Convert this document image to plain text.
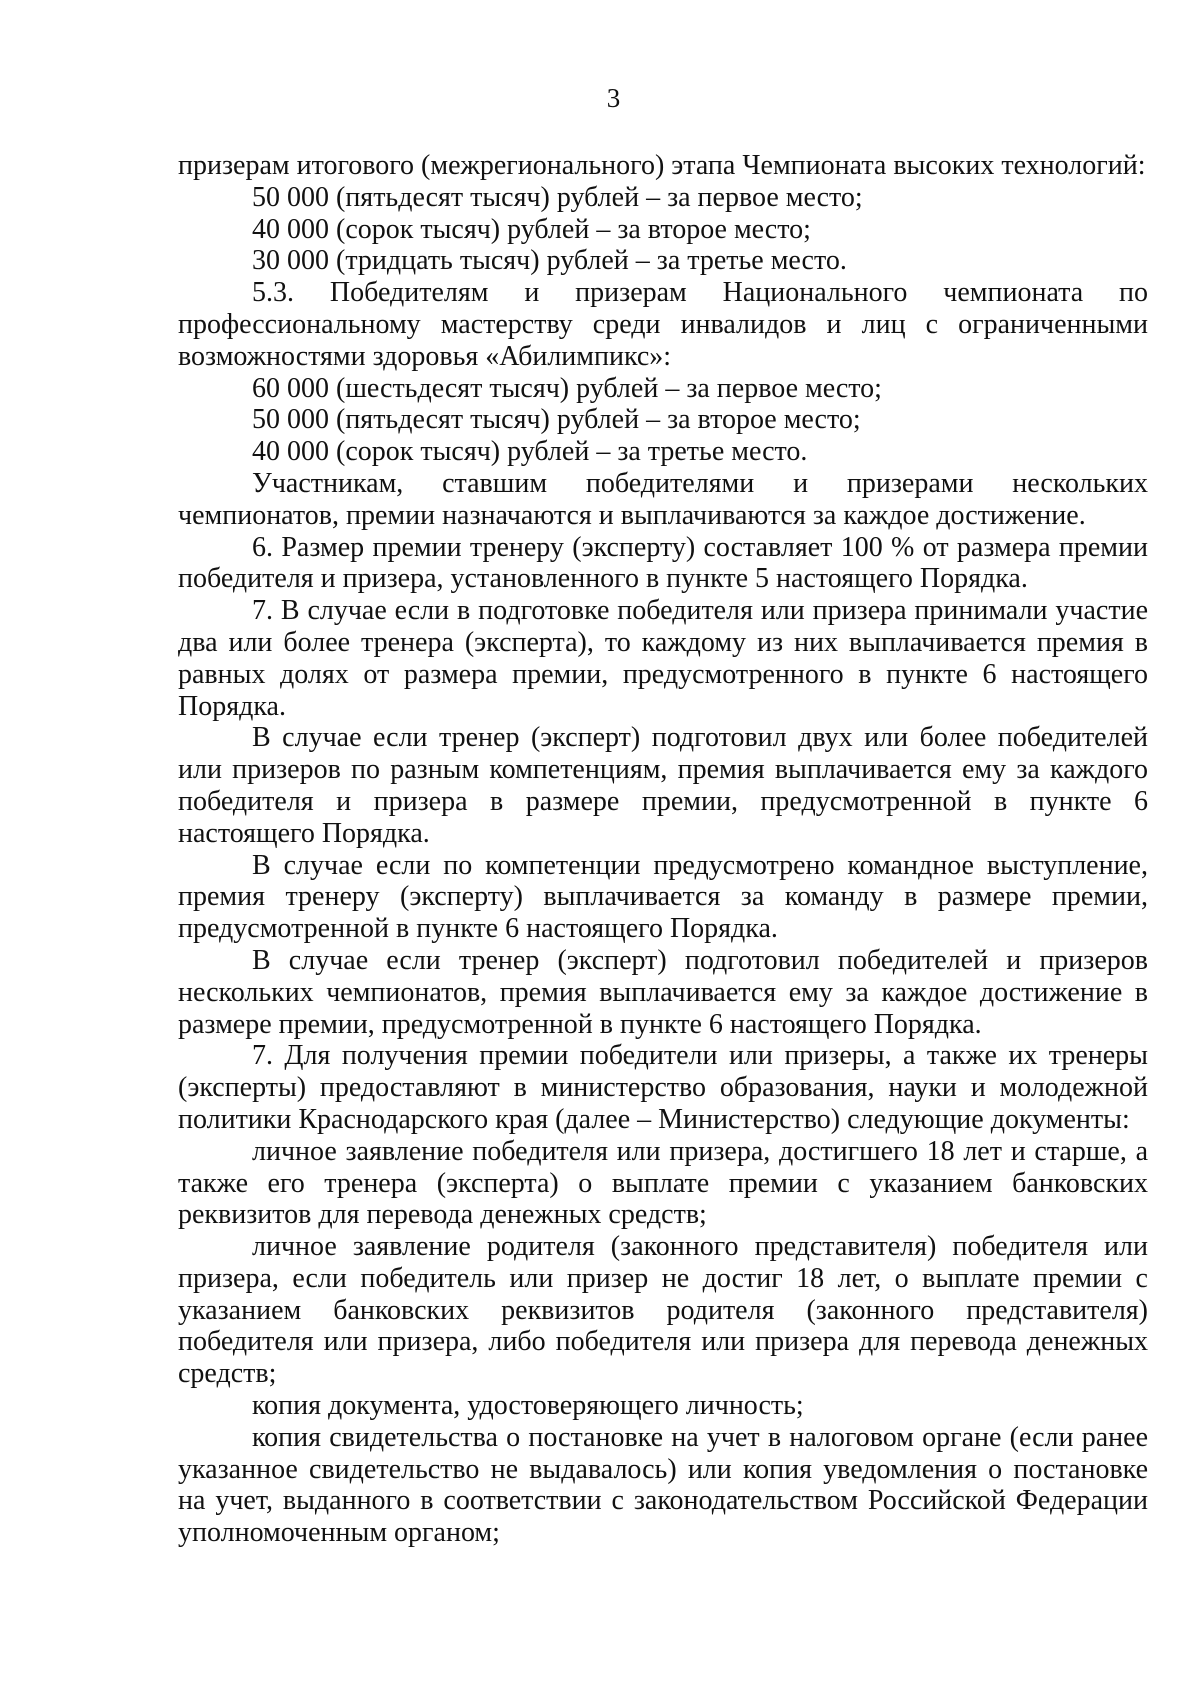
3

призерам итогового (межрегионального) этапа Чемпионата высоких технологий:

50 000 (пятьдесят тысяч) рублей – за первое место;

40 000 (сорок тысяч) рублей – за второе место;

30 000 (тридцать тысяч) рублей – за третье место.

5.3. Победителям и призерам Национального чемпионата по профессиональному мастерству среди инвалидов и лиц с ограниченными возможностями здоровья «Абилимпикс»:

60 000 (шестьдесят тысяч) рублей – за первое место;

50 000 (пятьдесят тысяч) рублей – за второе место;

40 000 (сорок тысяч) рублей – за третье место.

Участникам, ставшим победителями и призерами нескольких чемпионатов, премии назначаются и выплачиваются за каждое достижение.

6. Размер премии тренеру (эксперту) составляет 100 % от размера премии победителя и призера, установленного в пункте 5 настоящего Порядка.

7. В случае если в подготовке победителя или призера принимали участие два или более тренера (эксперта), то каждому из них выплачивается премия в равных долях от размера премии, предусмотренного в пункте 6 настоящего Порядка.

В случае если тренер (эксперт) подготовил двух или более победителей или призеров по разным компетенциям, премия выплачивается ему за каждого победителя и призера в размере премии, предусмотренной в пункте 6 настоящего Порядка.

В случае если по компетенции предусмотрено командное выступление, премия тренеру (эксперту) выплачивается за команду в размере премии, предусмотренной в пункте 6 настоящего Порядка.

В случае если тренер (эксперт) подготовил победителей и призеров нескольких чемпионатов, премия выплачивается ему за каждое достижение в размере премии, предусмотренной в пункте 6 настоящего Порядка.

7. Для получения премии победители или призеры, а также их тренеры (эксперты) предоставляют в министерство образования, науки и молодежной политики Краснодарского края (далее – Министерство) следующие документы:

личное заявление победителя или призера, достигшего 18 лет и старше, а также его тренера (эксперта) о выплате премии с указанием банковских реквизитов для перевода денежных средств;

личное заявление родителя (законного представителя) победителя или призера, если победитель или призер не достиг 18 лет, о выплате премии с указанием банковских реквизитов родителя (законного представителя) победителя или призера, либо победителя или призера для перевода денежных средств;

копия документа, удостоверяющего личность;

копия свидетельства о постановке на учет в налоговом органе (если ранее указанное свидетельство не выдавалось) или копия уведомления о постановке на учет, выданного в соответствии с законодательством Российской Федерации уполномоченным органом;
